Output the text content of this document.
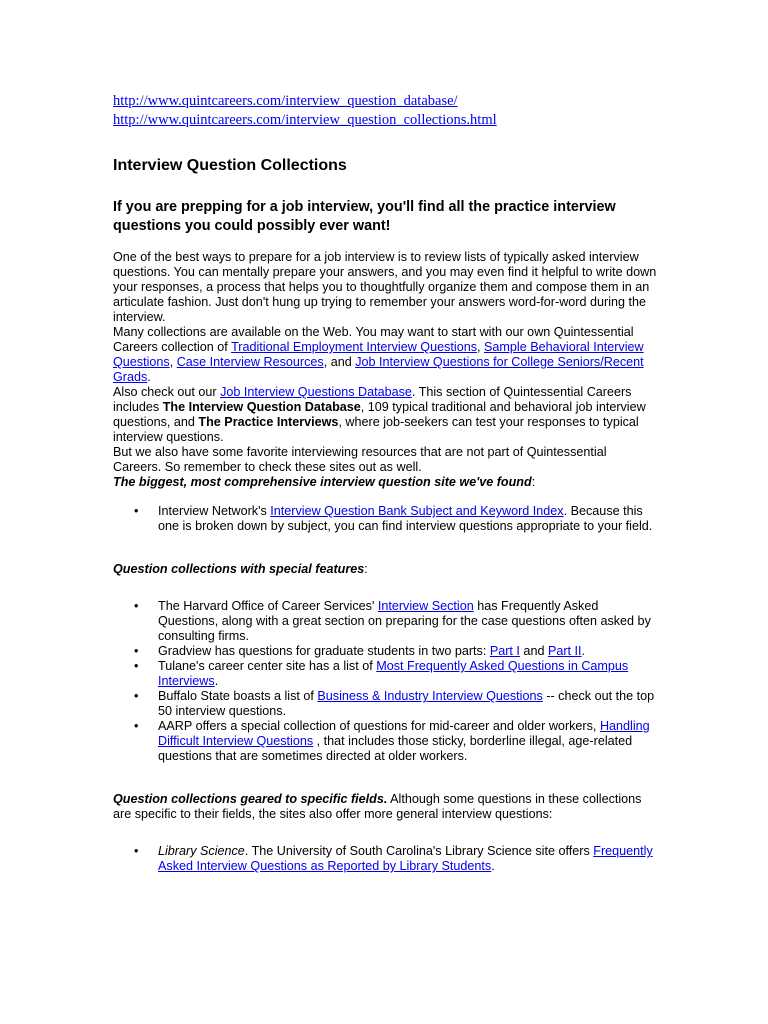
http://www.quintcareers.com/interview_question_database/
http://www.quintcareers.com/interview_question_collections.html
Interview Question Collections
If you are prepping for a job interview, you'll find all the practice interview questions you could possibly ever want!

One of the best ways to prepare for a job interview is to review lists of typically asked interview questions. You can mentally prepare your answers, and you may even find it helpful to write down your responses, a process that helps you to thoughtfully organize them and compose them in an articulate fashion. Just don't hung up trying to remember your answers word-for-word during the interview.

Many collections are available on the Web. You may want to start with our own Quintessential Careers collection of Traditional Employment Interview Questions, Sample Behavioral Interview Questions, Case Interview Resources, and Job Interview Questions for College Seniors/Recent Grads.

Also check out our Job Interview Questions Database. This section of Quintessential Careers includes The Interview Question Database, 109 typical traditional and behavioral job interview questions, and The Practice Interviews, where job-seekers can test your responses to typical interview questions.

But we also have some favorite interviewing resources that are not part of Quintessential Careers. So remember to check these sites out as well.

The biggest, most comprehensive interview question site we've found:

• Interview Network's Interview Question Bank Subject and Keyword Index. Because this one is broken down by subject, you can find interview questions appropriate to your field.

Question collections with special features:

• The Harvard Office of Career Services' Interview Section has Frequently Asked Questions, along with a great section on preparing for the case questions often asked by consulting firms.
• Gradview has questions for graduate students in two parts: Part I and Part II.
• Tulane's career center site has a list of Most Frequently Asked Questions in Campus Interviews.
• Buffalo State boasts a list of Business & Industry Interview Questions -- check out the top 50 interview questions.
• AARP offers a special collection of questions for mid-career and older workers, Handling Difficult Interview Questions , that includes those sticky, borderline illegal, age-related questions that are sometimes directed at older workers.

Question collections geared to specific fields. Although some questions in these collections are specific to their fields, the sites also offer more general interview questions:

• Library Science. The University of South Carolina's Library Science site offers Frequently Asked Interview Questions as Reported by Library Students.
